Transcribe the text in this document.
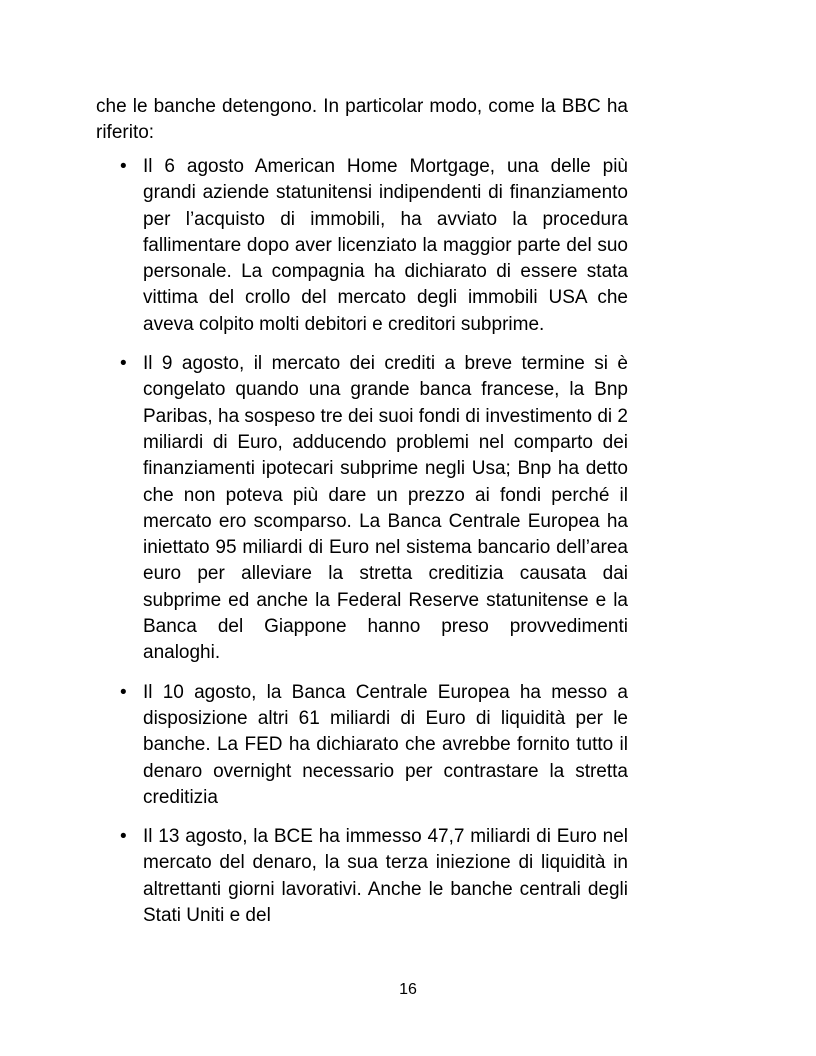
che le banche detengono. In particolar modo, come la BBC ha riferito:

• Il 6 agosto American Home Mortgage, una delle più grandi aziende statunitensi indipendenti di finanziamento per l’acquisto di immobili, ha avviato la procedura fallimentare dopo aver licenziato la maggior parte del suo personale. La compagnia ha dichiarato di essere stata vittima del crollo del mercato degli immobili USA che aveva colpito molti debitori e creditori subprime.
• Il 9 agosto, il mercato dei crediti a breve termine si è congelato quando una grande banca francese, la Bnp Paribas, ha sospeso tre dei suoi fondi di investimento di 2 miliardi di Euro, adducendo problemi nel comparto dei finanziamenti ipotecari subprime negli Usa; Bnp ha detto che non poteva più dare un prezzo ai fondi perché il mercato ero scomparso. La Banca Centrale Europea ha iniettato 95 miliardi di Euro nel sistema bancario dell’area euro per alleviare la stretta creditizia causata dai subprime ed anche la Federal Reserve statunitense e la Banca del Giappone hanno preso provvedimenti analoghi.
• Il 10 agosto, la Banca Centrale Europea ha messo a disposizione altri 61 miliardi di Euro di liquidità per le banche. La FED ha dichiarato che avrebbe fornito tutto il denaro overnight necessario per contrastare la stretta creditizia
• Il 13 agosto, la BCE ha immesso 47,7 miliardi di Euro nel mercato del denaro, la sua terza iniezione di liquidità in altrettanti giorni lavorativi. Anche le banche centrali degli Stati Uniti e del
16
